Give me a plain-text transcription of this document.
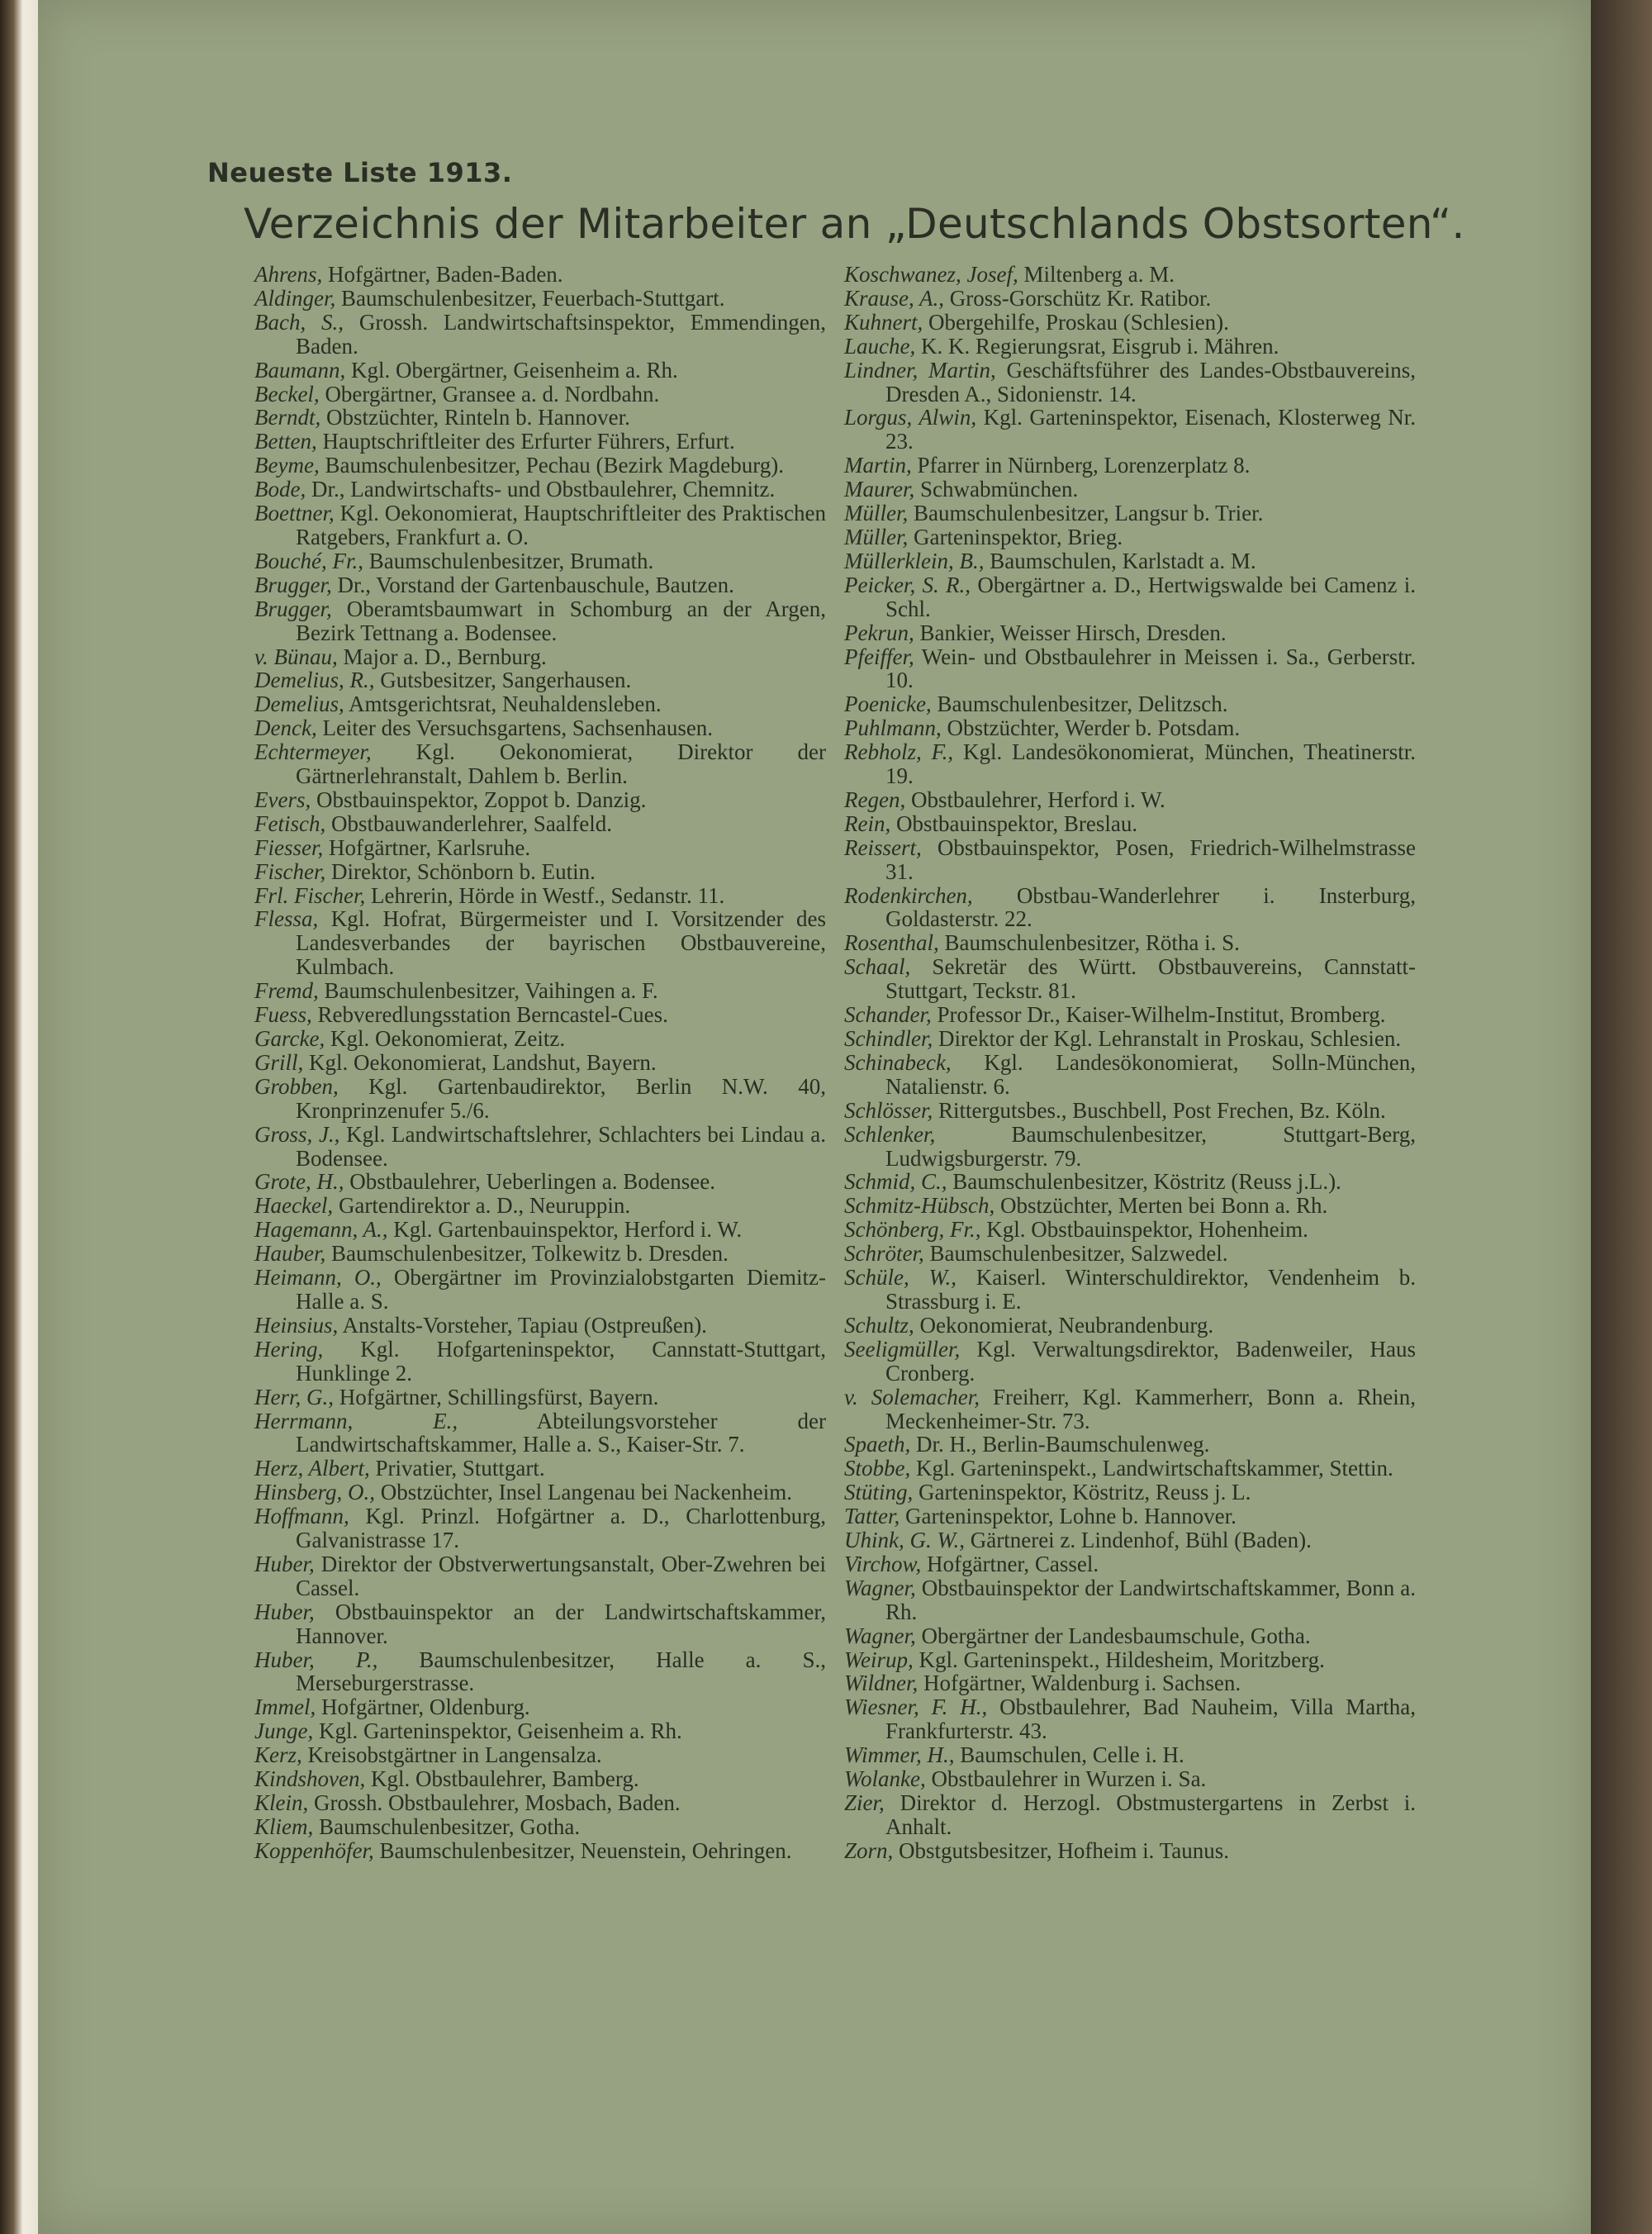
Neueste Liste 1913.
Verzeichnis der Mitarbeiter an „Deutschlands Obstsorten“.

Ahrens, Hofgärtner, Baden-Baden.

Aldinger, Baumschulenbesitzer, Feuerbach-Stuttgart.

Bach, S., Grossh. Landwirtschaftsinspektor, Emmendingen, Baden.

Baumann, Kgl. Obergärtner, Geisenheim a. Rh.

Beckel, Obergärtner, Gransee a. d. Nordbahn.

Berndt, Obstzüchter, Rinteln b. Hannover.

Betten, Hauptschriftleiter des Erfurter Führers, Erfurt.

Beyme, Baumschulenbesitzer, Pechau (Bezirk Magdeburg).

Bode, Dr., Landwirtschafts- und Obstbaulehrer, Chemnitz.

Boettner, Kgl. Oekonomierat, Hauptschriftleiter des Praktischen Ratgebers, Frankfurt a. O.

Bouché, Fr., Baumschulenbesitzer, Brumath.

Brugger, Dr., Vorstand der Gartenbauschule, Bautzen.

Brugger, Oberamtsbaumwart in Schomburg an der Argen, Bezirk Tettnang a. Bodensee.

v. Bünau, Major a. D., Bernburg.

Demelius, R., Gutsbesitzer, Sangerhausen.

Demelius, Amtsgerichtsrat, Neuhaldensleben.

Denck, Leiter des Versuchsgartens, Sachsenhausen.

Echtermeyer, Kgl. Oekonomierat, Direktor der Gärtnerlehranstalt, Dahlem b. Berlin.

Evers, Obstbauinspektor, Zoppot b. Danzig.

Fetisch, Obstbauwanderlehrer, Saalfeld.

Fiesser, Hofgärtner, Karlsruhe.

Fischer, Direktor, Schönborn b. Eutin.

Frl. Fischer, Lehrerin, Hörde in Westf., Sedanstr. 11.

Flessa, Kgl. Hofrat, Bürgermeister und I. Vorsitzender des Landesverbandes der bayrischen Obstbauvereine, Kulmbach.

Fremd, Baumschulenbesitzer, Vaihingen a. F.

Fuess, Rebveredlungsstation Berncastel-Cues.

Garcke, Kgl. Oekonomierat, Zeitz.

Grill, Kgl. Oekonomierat, Landshut, Bayern.

Grobben, Kgl. Gartenbaudirektor, Berlin N.W. 40, Kronprinzenufer 5./6.

Gross, J., Kgl. Landwirtschaftslehrer, Schlachters bei Lindau a. Bodensee.

Grote, H., Obstbaulehrer, Ueberlingen a. Bodensee.

Haeckel, Gartendirektor a. D., Neuruppin.

Hagemann, A., Kgl. Gartenbauinspektor, Herford i. W.

Hauber, Baumschulenbesitzer, Tolkewitz b. Dresden.

Heimann, O., Obergärtner im Provinzialobstgarten Diemitz-Halle a. S.

Heinsius, Anstalts-Vorsteher, Tapiau (Ostpreußen).

Hering, Kgl. Hofgarteninspektor, Cannstatt-Stuttgart, Hunklinge 2.

Herr, G., Hofgärtner, Schillingsfürst, Bayern.

Herrmann, E., Abteilungsvorsteher der Landwirtschaftskammer, Halle a. S., Kaiser-Str. 7.

Herz, Albert, Privatier, Stuttgart.

Hinsberg, O., Obstzüchter, Insel Langenau bei Nackenheim.

Hoffmann, Kgl. Prinzl. Hofgärtner a. D., Charlottenburg, Galvanistrasse 17.

Huber, Direktor der Obstverwertungsanstalt, Ober-Zwehren bei Cassel.

Huber, Obstbauinspektor an der Landwirtschaftskammer, Hannover.

Huber, P., Baumschulenbesitzer, Halle a. S., Merseburgerstrasse.

Immel, Hofgärtner, Oldenburg.

Junge, Kgl. Garteninspektor, Geisenheim a. Rh.

Kerz, Kreisobstgärtner in Langensalza.

Kindshoven, Kgl. Obstbaulehrer, Bamberg.

Klein, Grossh. Obstbaulehrer, Mosbach, Baden.

Kliem, Baumschulenbesitzer, Gotha.

Koppenhöfer, Baumschulenbesitzer, Neuenstein, Oehringen.

Koschwanez, Josef, Miltenberg a. M.

Krause, A., Gross-Gorschütz Kr. Ratibor.

Kuhnert, Obergehilfe, Proskau (Schlesien).

Lauche, K. K. Regierungsrat, Eisgrub i. Mähren.

Lindner, Martin, Geschäftsführer des Landes-Obstbauvereins, Dresden A., Sidonienstr. 14.

Lorgus, Alwin, Kgl. Garteninspektor, Eisenach, Klosterweg Nr. 23.

Martin, Pfarrer in Nürnberg, Lorenzerplatz 8.

Maurer, Schwabmünchen.

Müller, Baumschulenbesitzer, Langsur b. Trier.

Müller, Garteninspektor, Brieg.

Müllerklein, B., Baumschulen, Karlstadt a. M.

Peicker, S. R., Obergärtner a. D., Hertwigswalde bei Camenz i. Schl.

Pekrun, Bankier, Weisser Hirsch, Dresden.

Pfeiffer, Wein- und Obstbaulehrer in Meissen i. Sa., Gerberstr. 10.

Poenicke, Baumschulenbesitzer, Delitzsch.

Puhlmann, Obstzüchter, Werder b. Potsdam.

Rebholz, F., Kgl. Landesökonomierat, München, Theatinerstr. 19.

Regen, Obstbaulehrer, Herford i. W.

Rein, Obstbauinspektor, Breslau.

Reissert, Obstbauinspektor, Posen, Friedrich-Wilhelmstrasse 31.

Rodenkirchen, Obstbau-Wanderlehrer i. Insterburg, Goldasterstr. 22.

Rosenthal, Baumschulenbesitzer, Rötha i. S.

Schaal, Sekretär des Württ. Obstbauvereins, Cannstatt-Stuttgart, Teckstr. 81.

Schander, Professor Dr., Kaiser-Wilhelm-Institut, Bromberg.

Schindler, Direktor der Kgl. Lehranstalt in Proskau, Schlesien.

Schinabeck, Kgl. Landesökonomierat, Solln-München, Natalienstr. 6.

Schlösser, Rittergutsbes., Buschbell, Post Frechen, Bz. Köln.

Schlenker, Baumschulenbesitzer, Stuttgart-Berg, Ludwigsburgerstr. 79.

Schmid, C., Baumschulenbesitzer, Köstritz (Reuss j.L.).

Schmitz-Hübsch, Obstzüchter, Merten bei Bonn a. Rh.

Schönberg, Fr., Kgl. Obstbauinspektor, Hohenheim.

Schröter, Baumschulenbesitzer, Salzwedel.

Schüle, W., Kaiserl. Winterschuldirektor, Vendenheim b. Strassburg i. E.

Schultz, Oekonomierat, Neubrandenburg.

Seeligmüller, Kgl. Verwaltungsdirektor, Badenweiler, Haus Cronberg.

v. Solemacher, Freiherr, Kgl. Kammerherr, Bonn a. Rhein, Meckenheimer-Str. 73.

Spaeth, Dr. H., Berlin-Baumschulenweg.

Stobbe, Kgl. Garteninspekt., Landwirtschaftskammer, Stettin.

Stüting, Garteninspektor, Köstritz, Reuss j. L.

Tatter, Garteninspektor, Lohne b. Hannover.

Uhink, G. W., Gärtnerei z. Lindenhof, Bühl (Baden).

Virchow, Hofgärtner, Cassel.

Wagner, Obstbauinspektor der Landwirtschaftskammer, Bonn a. Rh.

Wagner, Obergärtner der Landesbaumschule, Gotha.

Weirup, Kgl. Garteninspekt., Hildesheim, Moritzberg.

Wildner, Hofgärtner, Waldenburg i. Sachsen.

Wiesner, F. H., Obstbaulehrer, Bad Nauheim, Villa Martha, Frankfurterstr. 43.

Wimmer, H., Baumschulen, Celle i. H.

Wolanke, Obstbaulehrer in Wurzen i. Sa.

Zier, Direktor d. Herzogl. Obstmustergartens in Zerbst i. Anhalt.

Zorn, Obstgutsbesitzer, Hofheim i. Taunus.
